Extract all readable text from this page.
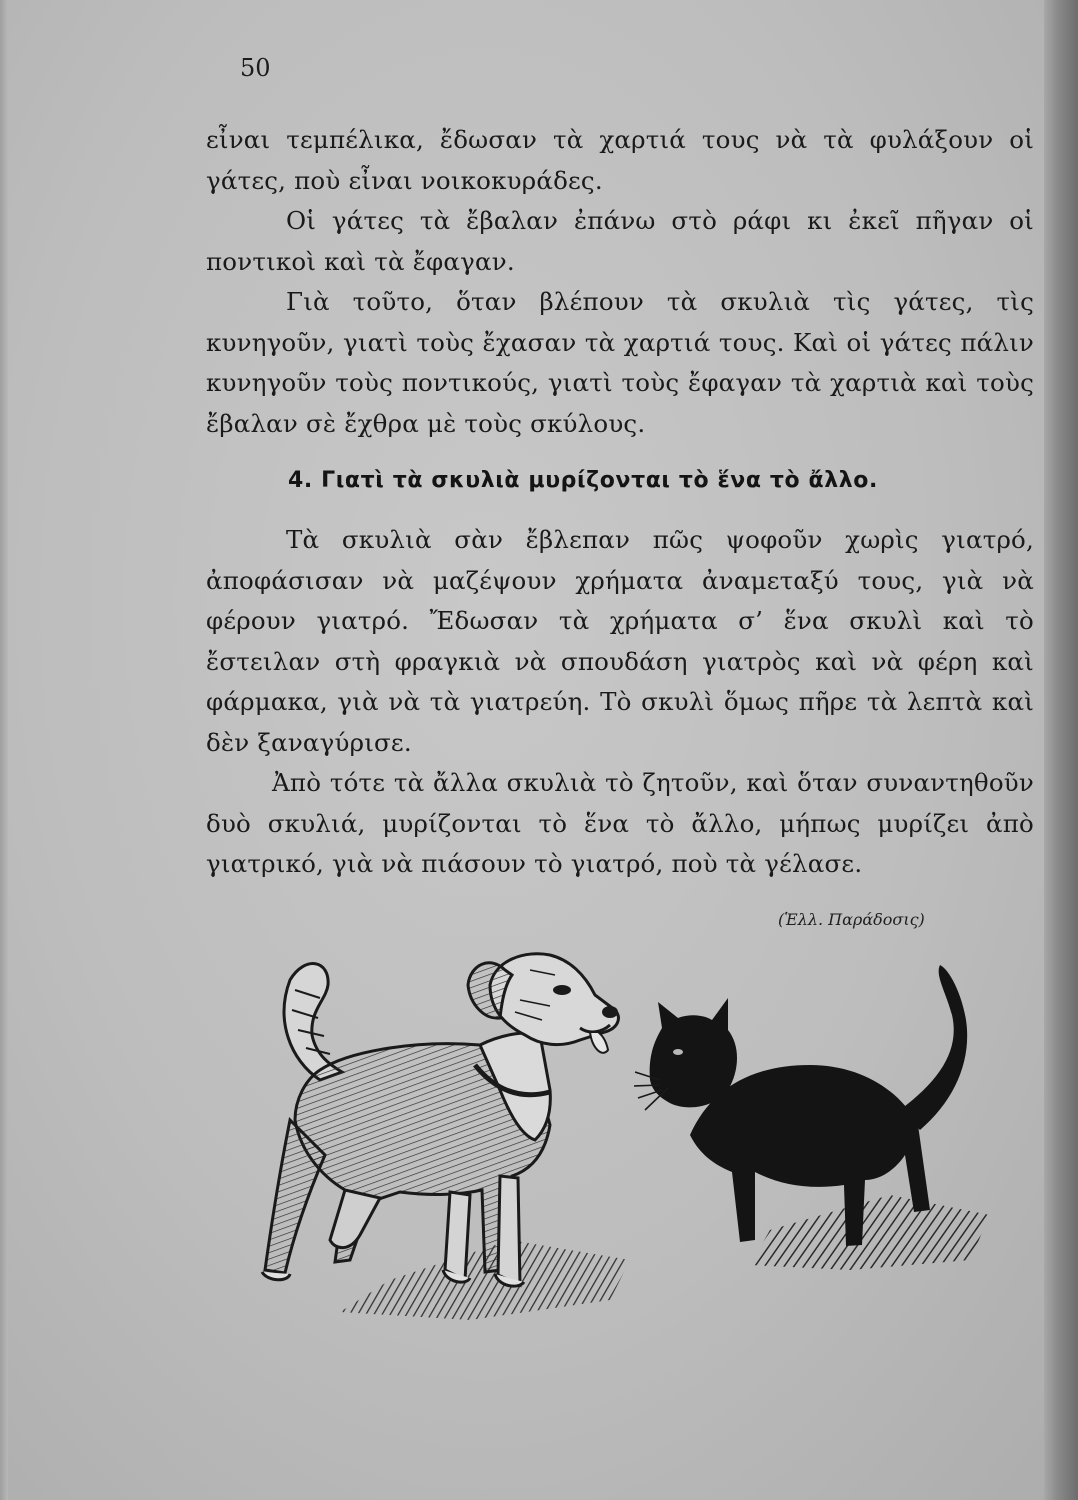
50

εἶναι τεμπέλικα, ἔδωσαν τὰ χαρτιά τους νὰ τὰ φυλάξουν οἱ γάτες, ποὺ εἶναι νοικοκυράδες.

Οἱ γάτες τὰ ἔβαλαν ἐπάνω στὸ ράφι κι ἐκεῖ πῆγαν οἱ ποντικοὶ καὶ τὰ ἔφαγαν.

Γιὰ τοῦτο, ὅταν βλέπουν τὰ σκυλιὰ τὶς γάτες, τὶς κυνηγοῦν, γιατὶ τοὺς ἔχασαν τὰ χαρτιά τους. Καὶ οἱ γάτες πάλιν κυνηγοῦν τοὺς ποντικούς, γιατὶ τοὺς ἔφαγαν τὰ χαρτιὰ καὶ τοὺς ἔβαλαν σὲ ἔχθρα μὲ τοὺς σκύλους.

4. Γιατὶ τὰ σκυλιὰ μυρίζονται τὸ ἕνα τὸ ἄλλο.

Τὰ σκυλιὰ σὰν ἔβλεπαν πῶς ψοφοῦν χωρὶς γιατρό, ἀποφάσισαν νὰ μαζέψουν χρήματα ἀναμεταξύ τους, γιὰ νὰ φέρουν γιατρό. Ἔδωσαν τὰ χρήματα σ’ ἕνα σκυλὶ καὶ τὸ ἔστειλαν στὴ φραγκιὰ νὰ σπουδάση γιατρὸς καὶ νὰ φέρη καὶ φάρμακα, γιὰ νὰ τὰ γιατρεύη. Τὸ σκυλὶ ὅμως πῆρε τὰ λεπτὰ καὶ δὲν ξαναγύρισε.

Ἀπὸ τότε τὰ ἄλλα σκυλιὰ τὸ ζητοῦν, καὶ ὅταν συναντηθοῦν δυὸ σκυλιά, μυρίζονται τὸ ἕνα τὸ ἄλλο, μήπως μυρίζει ἀπὸ γιατρικό, γιὰ νὰ πιάσουν τὸ γιατρό, ποὺ τὰ γέλασε.

(Ἑλλ. Παράδοσις)
